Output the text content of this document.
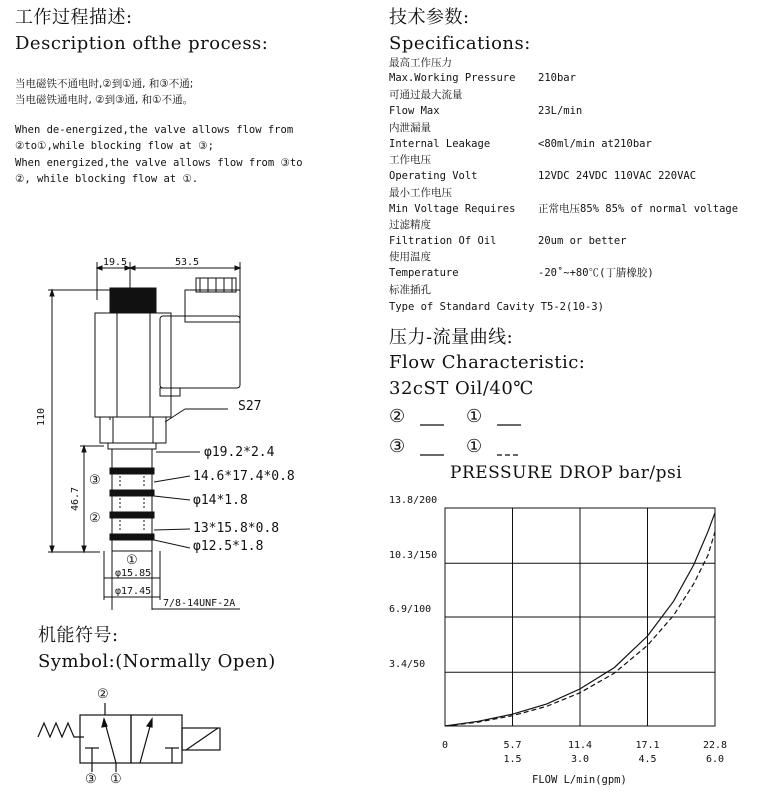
工作过程描述:
Description ofthe process:
当电磁铁不通电时,②到①通, 和③不通;
当电磁铁通电时, ②到③通, 和①不通。
When de-energized,the valve allows flow from
②to①,while blocking flow at ③;
When energized,the valve allows flow from ③to
②, while blocking flow at ①.
技术参数:
Specifications:
最高工作压力
Max.Working Pressure 210bar
可通过最大流量
Flow Max	23L/min
内泄漏量
Internal Leakage	<80ml/min at210bar
工作电压
Operating Volt	12VDC 24VDC 110VAC 220VAC
最小工作电压
Min Voltage Requires 正常电压85% 85% of normal voltage
过滤精度
Filtration Of Oil	20um or better
使用温度
Temperature	-20˚~+80℃(丁腈橡胶)
标准插孔
Type of Standard Cavity T5-2(10-3)
压力-流量曲线:
Flow Characteristic:
32cST Oil/40℃
②	①
③	①
19.5	53.5
110
46.7
S27
φ19.2*2.4
14.6*17.4*0.8
φ14*1.8
13*15.8*0.8
φ12.5*1.8
φ15.85
φ17.45
7/8-14UNF-2A
③
②
①
机能符号:
Symbol:(Normally Open)
②
③ ①
PRESSURE DROP bar/psi
FLOW L/min(gpm)
3.4/50
6.9/100
10.3/150
13.8/200
0	5.7
1.5
11.4
3.0
17.1
4.5
22.8
6.0
